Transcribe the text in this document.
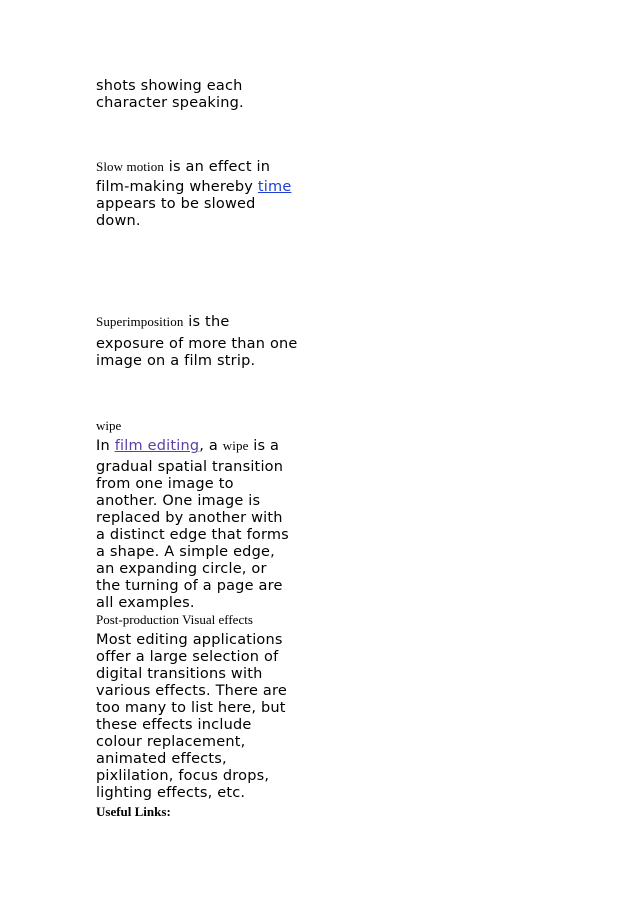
shots showing each
character speaking.
Slow motion is an effect in
film-making whereby time
appears to be slowed
down.
Superimposition is the
exposure of more than one
image on a film strip.
wipe
In film editing, a wipe is a
gradual spatial transition
from one image to
another. One image is
replaced by another with
a distinct edge that forms
a shape. A simple edge,
an expanding circle, or
the turning of a page are
all examples.
Post-production Visual effects
Most editing applications
offer a large selection of
digital transitions with
various effects. There are
too many to list here, but
these effects include
colour replacement,
animated effects,
pixlilation, focus drops,
lighting effects, etc.
Useful Links:
